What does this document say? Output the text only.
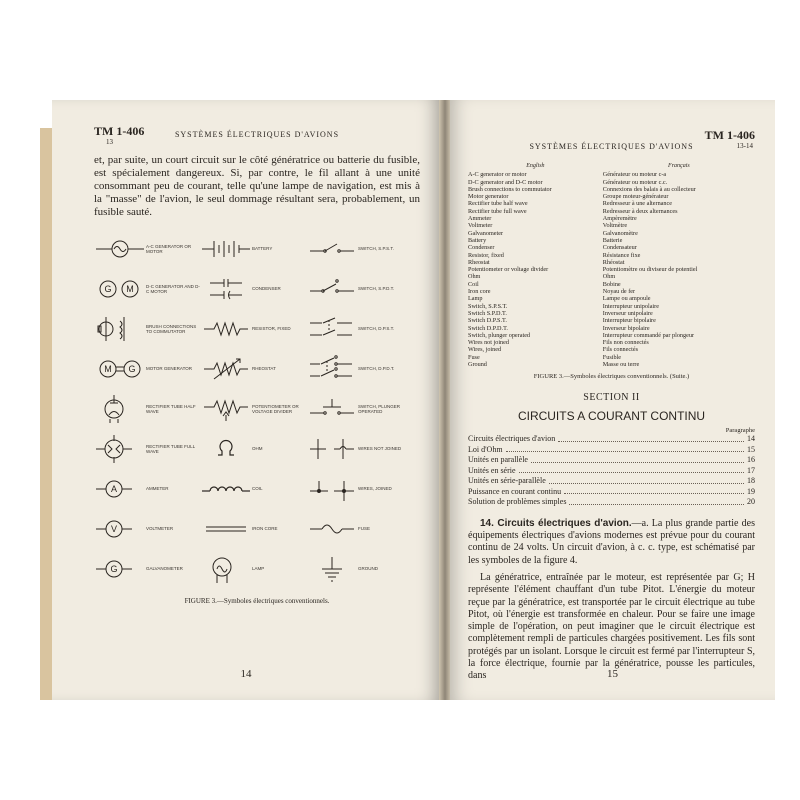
TM 1-406
13
SYSTÈMES ÉLECTRIQUES D'AVIONS

et, par suite, un court circuit sur le côté génératrice ou batterie du fusible, est spécialement dangereux. Si, par contre, le fil allant à une unité consommant peu de courant, telle qu'une lampe de navigation, est mis à la "masse" de l'avion, le seul dommage résultant sera, probablement, un fusible sauté.

A-C GENERATOR OR MOTOR
BATTERY	SWITCH, S.P.S.T.
G M	D-C GENERATOR AND D-C MOTOR
CONDENSER	SWITCH, S.P.D.T.
BRUSH CONNECTIONS TO COMMUTATOR
RESISTOR, FIXED	SWITCH, D.P.S.T.
M G MOTOR GENERATOR	RHEOSTAT	SWITCH, D.P.D.T.
RECTIFIER TUBE HALF WAVE
POTENTIOMETER OR VOLTAGE DIVIDER
SWITCH, PLUNGER OPERATED
RECTIFIER TUBE FULL WAVE
OHM	WIRES NOT JOINED
A	AMMETER	COIL	WIRES, JOINED
V	VOLTMETER	IRON CORE	FUSE
G	GALVANOMETER	LAMP	GROUND
FIGURE 3.—Symboles électriques conventionnels.
14
TM 1-406
13-14
SYSTÈMES ÉLECTRIQUES D'AVIONS
English	Français
A-C generator or motor	Générateur ou moteur c-a
D-C generator and D-C motor	Générateur ou moteur c.c.
Brush connections to commutator	Connexions des balais à au collecteur
Motor generator	Groupe moteur-générateur
Rectifier tube half wave	Redresseur à une alternance
Rectifier tube full wave	Redresseur à deux alternances
Ammeter	Ampèremètre
Voltmeter	Voltmètre
Galvanometer	Galvanomètre
Battery	Batterie
Condenser	Condensateur
Resistor, fixed	Résistance fixe
Rheostat	Rhéostat
Potentiometer or voltage divider	Potentiomètre ou diviseur de potentiel
Ohm	Ohm
Coil	Bobine
Iron core	Noyau de fer
Lamp	Lampe ou ampoule
Switch, S.P.S.T.	Interrupteur unipolaire
Switch S.P.D.T.	Inverseur unipolaire
Switch D.P.S.T.	Interrupteur bipolaire
Switch D.P.D.T.	Inverseur bipolaire
Switch, plunger operated	Interrupteur commandé par plongeur
Wires not joined	Fils non connectés
Wires, joined	Fils connectés
Fuse	Fusible
Ground	Masse ou terre
FIGURE 3.—Symboles électriques conventionnels. (Suite.)
SECTION II
CIRCUITS A COURANT CONTINU
Paragraphe
Circuits électriques d'avion	14
Loi d'Ohm	15
Unités en parallèle	16
Unités en série	17
Unités en série-parallèle	18
Puissance en courant continu	19
Solution de problèmes simples	20

14. Circuits électriques d'avion.—a. La plus grande partie des équipements électriques d'avions modernes est prévue pour du courant continu de 24 volts. Un circuit d'avion, à c. c. type, est schématisé par les symboles de la figure 4.

La génératrice, entraînée par le moteur, est représentée par G; H représente l'élément chauffant d'un tube Pitot. L'énergie du moteur reçue par la génératrice, est transportée par le circuit électrique au tube Pitot, où l'énergie est transformée en chaleur. Pour se faire une image simple de l'opération, on peut imaginer que le circuit électrique est complètement rempli de particules chargées positivement. Les fils sont protégés par un isolant. Lorsque le circuit est fermé par l'interrupteur S, la force électrique, fournie par la génératrice, pousse les particules, dans	15
